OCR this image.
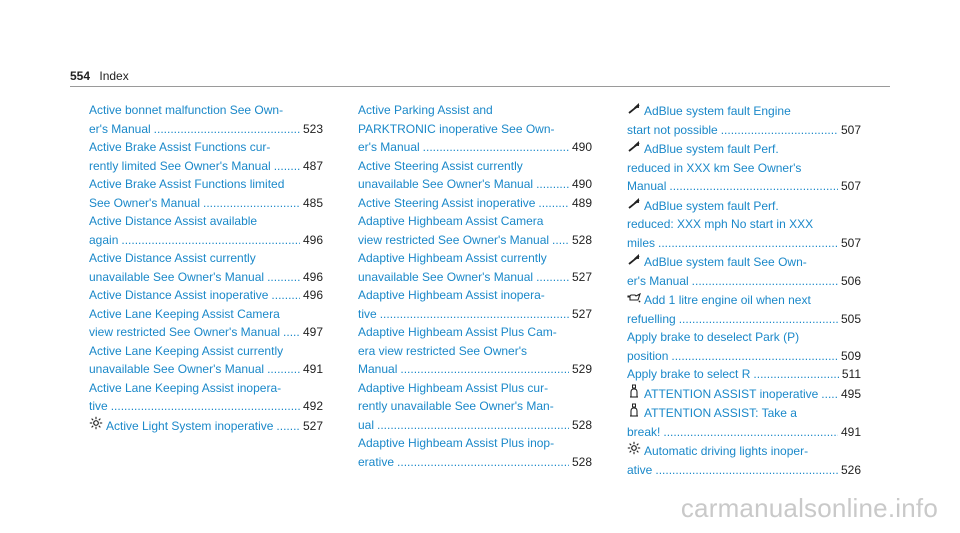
554 Index
Active bonnet malfunction See Own-
er's Manual .....	523
Active Brake Assist Functions cur-
rently limited See Owner's Manual .....	487
Active Brake Assist Functions limited
See Owner's Manual .....	485
Active Distance Assist available
again .....	496
Active Distance Assist currently
unavailable See Owner's Manual .....	496
Active Distance Assist inoperative .....	496
Active Lane Keeping Assist Camera
view restricted See Owner's Manual ..... 497
Active Lane Keeping Assist currently
unavailable See Owner's Manual .....	491
Active Lane Keeping Assist inopera-
tive .....	492
Active Light System inoperative ..... 527
Active Parking Assist and
PARKTRONIC inoperative See Own-
er's Manual .....	490
Active Steering Assist currently
unavailable See Owner's Manual .....	490
Active Steering Assist inoperative .....	489
Adaptive Highbeam Assist Camera
view restricted See Owner's Manual ..... 528
Adaptive Highbeam Assist currently
unavailable See Owner's Manual .....	527
Adaptive Highbeam Assist inopera-
tive .....	527
Adaptive Highbeam Assist Plus Cam-
era view restricted See Owner's
Manual .....	529
Adaptive Highbeam Assist Plus cur-
rently unavailable See Owner's Man-
ual .....	528
Adaptive Highbeam Assist Plus inop-
erative .....	528
AdBlue system fault Engine
start not possible .....	507
AdBlue system fault Perf.
reduced in XXX km See Owner's
Manual .....	507
AdBlue system fault Perf.
reduced: XXX mph No start in XXX
miles .....	507
AdBlue system fault See Own-
er's Manual .....	506
Add 1 litre engine oil when next
refuelling .....	505
Apply brake to deselect Park (P)
position .....	509
Apply brake to select R .....	511
ATTENTION ASSIST inoperative ..... 495
ATTENTION ASSIST: Take a
break! .....	491
Automatic driving lights inoper-
ative .....	526
carmanualsonline.info
